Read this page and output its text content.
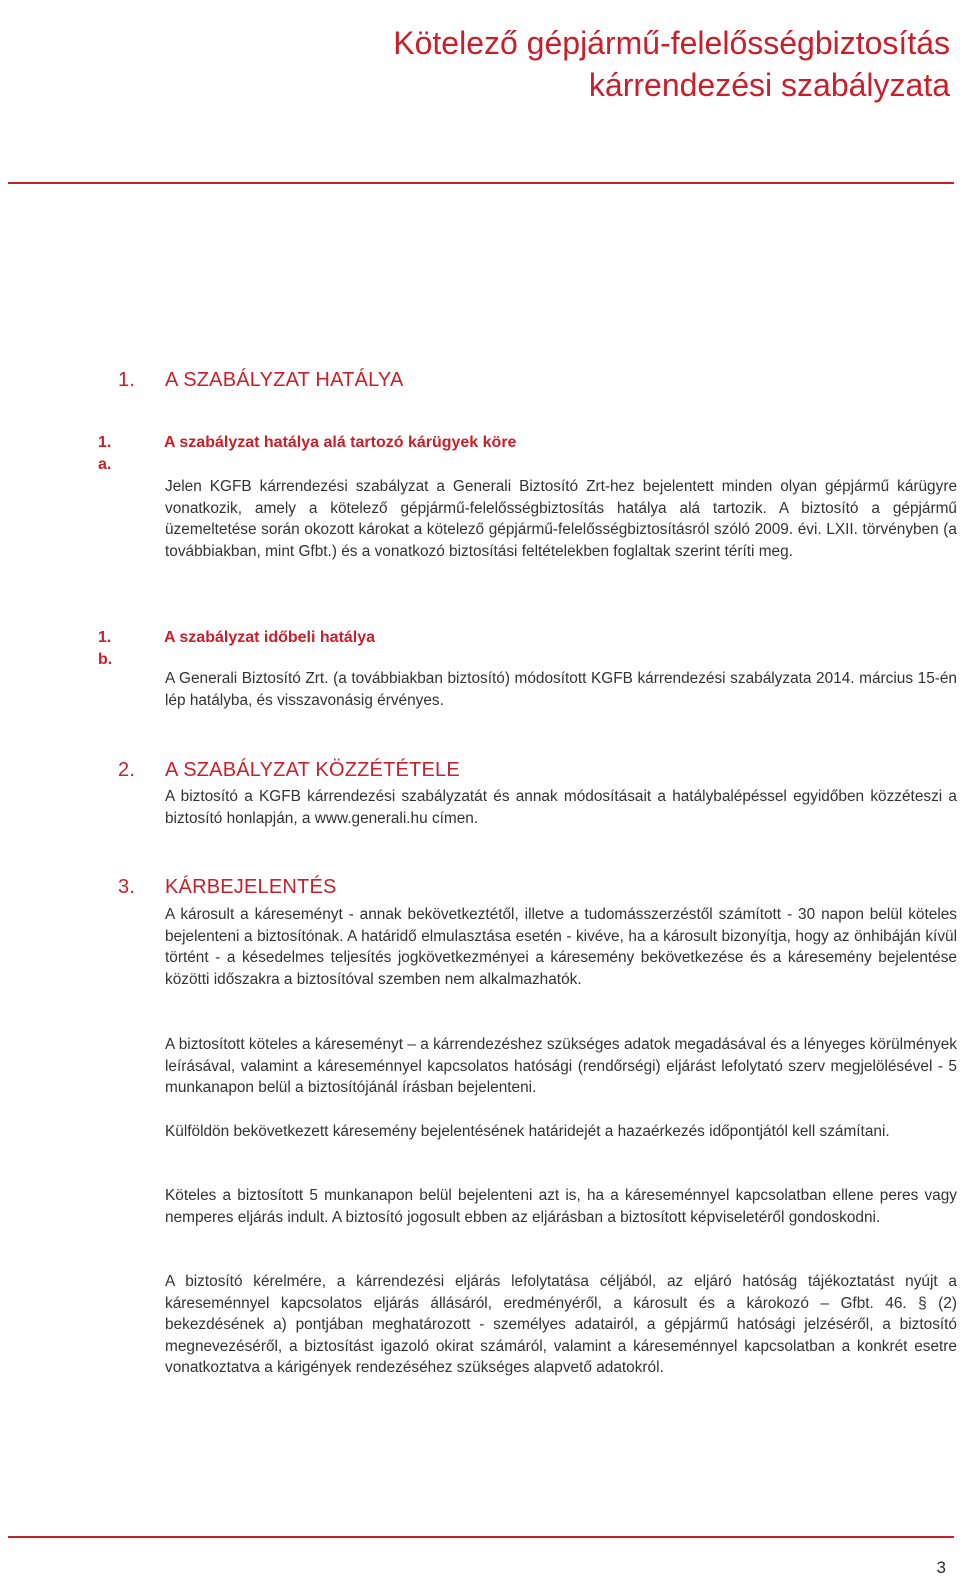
Kötelező gépjármű-felelősségbiztosítás
kárrendezési szabályzata
1. A SZABÁLYZAT HATÁLYA
1. a.
A szabályzat hatálya alá tartozó kárügyek köre

Jelen KGFB kárrendezési szabályzat a Generali Biztosító Zrt-hez bejelentett minden olyan gépjármű kárügyre vonatkozik, amely a kötelező gépjármű-felelősségbiztosítás hatálya alá tartozik. A biztosító a gépjármű üzemeltetése során okozott károkat a kötelező gépjármű-felelősségbiztosításról szóló 2009. évi. LXII. törvényben (a továbbiakban, mint Gfbt.) és a vonatkozó biztosítási feltételekben foglaltak szerint téríti meg.

1. b.
A szabályzat időbeli hatálya

A Generali Biztosító Zrt. (a továbbiakban biztosító) módosított KGFB kárrendezési szabályzata 2014. március 15-én lép hatályba, és visszavonásig érvényes.

2. A SZABÁLYZAT KÖZZÉTÉTELE

A biztosító a KGFB kárrendezési szabályzatát és annak módosításait a hatálybalépéssel egyidőben közzéteszi a biztosító honlapján, a www.generali.hu címen.

3. KÁRBEJELENTÉS

A károsult a káreseményt - annak bekövetkeztétől, illetve a tudomásszerzéstől számított - 30 napon belül köteles bejelenteni a biztosítónak. A határidő elmulasztása esetén - kivéve, ha a károsult bizonyítja, hogy az önhibáján kívül történt - a késedelmes teljesítés jogkövetkezményei a káresemény bekövetkezése és a káresemény bejelentése közötti időszakra a biztosítóval szemben nem alkalmazhatók.

A biztosított köteles a káreseményt – a kárrendezéshez szükséges adatok megadásával és a lényeges körülmények leírásával, valamint a káreseménnyel kapcsolatos hatósági (rendőrségi) eljárást lefolytató szerv megjelölésével - 5 munkanapon belül a biztosítójánál írásban bejelenteni.

Külföldön bekövetkezett káresemény bejelentésének határidejét a hazaérkezés időpontjától kell számítani.

Köteles a biztosított 5 munkanapon belül bejelenteni azt is, ha a káreseménnyel kapcsolatban ellene peres vagy nemperes eljárás indult. A biztosító jogosult ebben az eljárásban a biztosított képviseletéről gondoskodni.

A biztosító kérelmére, a kárrendezési eljárás lefolytatása céljából, az eljáró hatóság tájékoztatást nyújt a káreseménnyel kapcsolatos eljárás állásáról, eredményéről, a károsult és a károkozó – Gfbt. 46. § (2) bekezdésének a) pontjában meghatározott - személyes adatairól, a gépjármű hatósági jelzéséről, a biztosító megnevezéséről, a biztosítást igazoló okirat számáról, valamint a káreseménnyel kapcsolatban a konkrét esetre vonatkoztatva a kárigények rendezéséhez szükséges alapvető adatokról.

3
